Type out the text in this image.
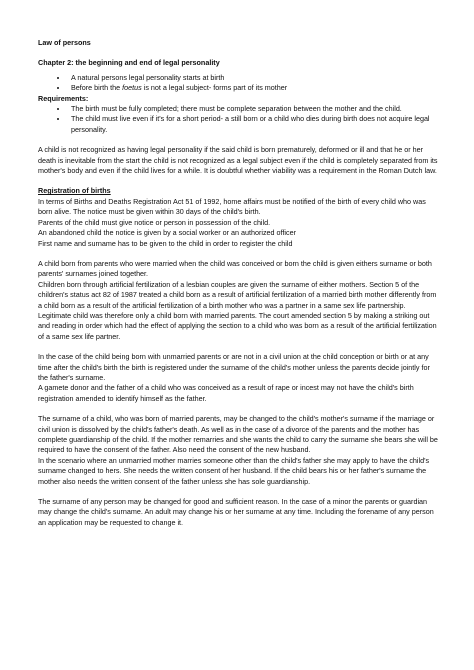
Law of persons

Chapter 2: the beginning and end of legal personality

• A natural persons legal personality starts at birth
• Before birth the foetus is not a legal subject- forms part of its mother

Requirements:

• The birth must be fully completed; there must be complete separation between the mother and the child.
• The child must live even if it's for a short period- a still born or a child who dies during birth does not acquire legal personality.

A child is not recognized as having legal personality if the said child is born prematurely, deformed or ill and that he or her death is inevitable from the start the child is not recognized as a legal subject even if the child is completely separated from its mother's body and even if the child lives for a while. It is doubtful whether viability was a requirement in the Roman Dutch law.

Registration of births

In terms of Births and Deaths Registration Act 51 of 1992, home affairs must be notified of the birth of every child who was born alive. The notice must be given within 30 days of the child's birth.

Parents of the child must give notice or person in possession of the child.

An abandoned child the notice is given by a social worker or an authorized officer

First name and surname has to be given to the child in order to register the child

A child born from parents who were married when the child was conceived or born the child is given eithers surname or both parents' surnames joined together.

Children born through artificial fertilization of a lesbian couples are given the surname of either mothers. Section 5 of the children's status act 82 of 1987 treated a child born as a result of artificial fertilization of a married birth mother differently from a child born as a result of the artificial fertilization of a birth mother who was a partner in a same sex life partnership. Legitimate child was therefore only a child born with married parents. The court amended section 5 by making a striking out and reading in order which had the effect of applying the section to a child who was born as a result of the artificial fertilization of a same sex life partner.

In the case of the child being born with unmarried parents or are not in a civil union at the child conception or birth or at any time after the child's birth the birth is registered under the surname of the child's mother unless the parents decide jointly for the father's surname.

A gamete donor and the father of a child who was conceived as a result of rape or incest may not have the child's birth registration amended to identify himself as the father.

The surname of a child, who was born of married parents, may be changed to the child's mother's surname if the marriage or civil union is dissolved by the child's father's death. As well as in the case of a divorce of the parents and the mother has complete guardianship of the child. If the mother remarries and she wants the child to carry the surname she bears she will be required to have the consent of the father. Also need the consent of the new husband.

In the scenario where an unmarried mother marries someone other than the child's father she may apply to have the child's surname changed to hers. She needs the written consent of her husband. If the child bears his or her father's surname the mother also needs the written consent of the father unless she has sole guardianship.

The surname of any person may be changed for good and sufficient reason. In the case of a minor the parents or guardian may change the child's surname. An adult may change his or her surname at any time. Including the forename of any person an application may be requested to change it.
